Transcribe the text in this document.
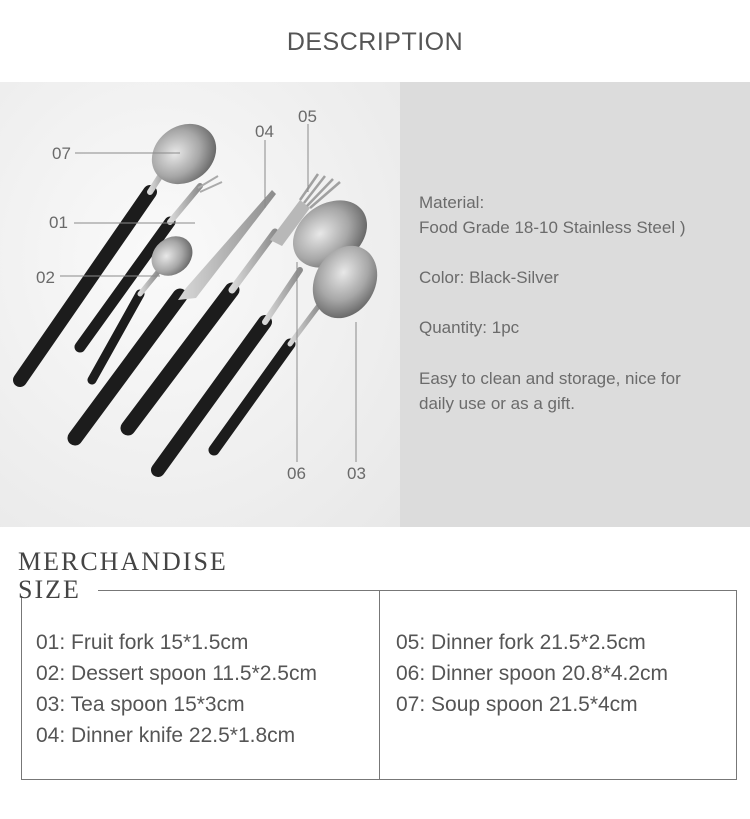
DESCRIPTION
07
01
02
04
05
06 03
Material:
Food Grade 18-10 Stainless Steel )
Color: Black-Silver
Quantity: 1pc
Easy to clean and storage, nice for
daily use or as a gift.
MERCHANDISE
SIZE
01: Fruit fork 15*1.5cm
02: Dessert spoon 11.5*2.5cm
03: Tea spoon 15*3cm
04: Dinner knife 22.5*1.8cm
05: Dinner fork 21.5*2.5cm
06: Dinner spoon 20.8*4.2cm
07: Soup spoon 21.5*4cm
